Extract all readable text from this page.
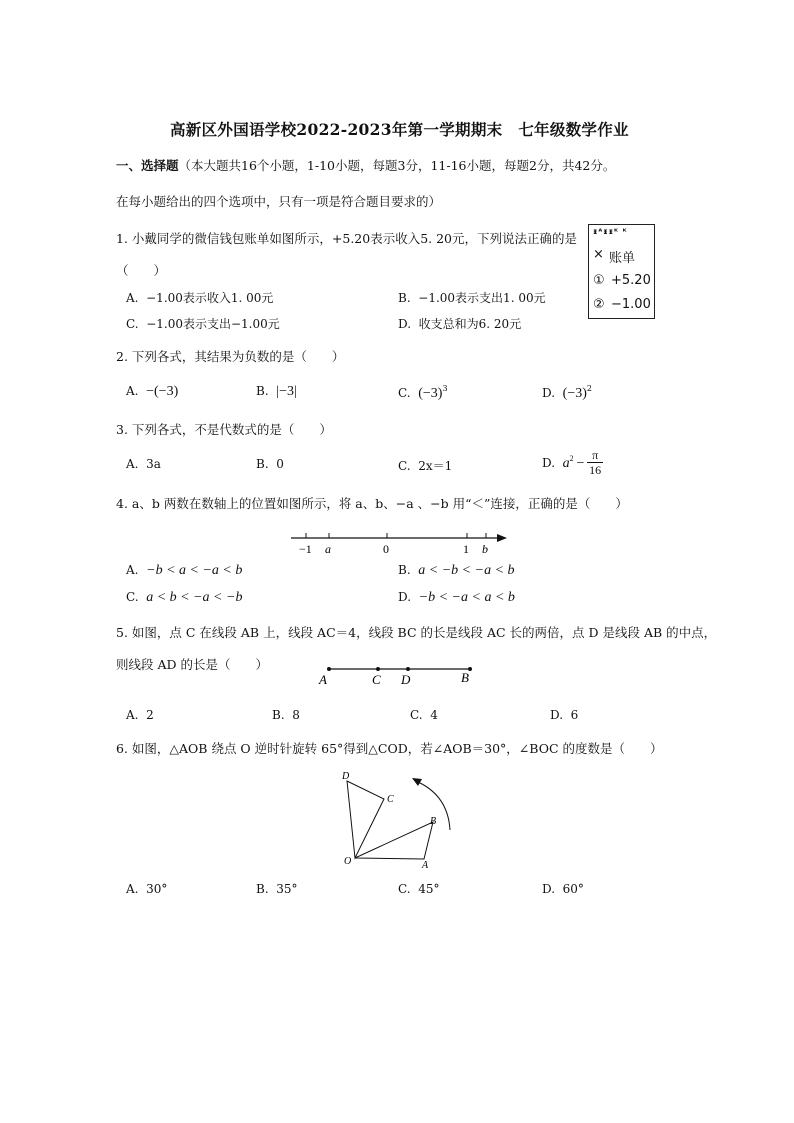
高新区外国语学校2022-2023年第一学期期末　七年级数学作业
一、选择题（本大题共16个小题，1-10小题，每题3分，11-16小题，每题2分，共42分。
在每小题给出的四个选项中，只有一项是符合题目要求的）
1. 小戴同学的微信钱包账单如图所示，+5.20表示收入5. 20元，下列说法正确的是
（　　）
A. −1.00表示收入1. 00元	B. −1.00表示支出1. 00元
C. −1.00表示支出−1.00元	D. 收支总和为6. 20元
ᵻᴬᵻᵻᴷ ᴷ
× 账单
① +5.20
② −1.00
2. 下列各式，其结果为负数的是（　　）
A. −(−3)	B. |−3|	C. $(-3)^3$	D. $(-3)^2$
3. 下列各式，不是代数式的是（　　）
A. 3a	B. 0	C. 2x＝1	D.
$a^2 - \frac{\pi}{16}$
4. a、b 两数在数轴上的位置如图所示，将 a、b、−a 、−b 用“＜”连接，正确的是（　　）
−1 a	0	1 b
A. −b < a < −a < b	B. a < −b < −a < b
C. a < b < −a < −b	D. −b < −a < a < b
5. 如图，点 C 在线段 AB 上，线段 AC＝4，线段 BC 的长是线段 AC 长的两倍，点 D 是线段 AB 的中点，
则线段 AD 的长是（　　）
A	C D	B
A. 2	B. 8	C. 4	D. 6
6. 如图，△AOB 绕点 O 逆时针旋转 65°得到△COD，若∠AOB＝30°，∠BOC 的度数是（　　）
D
C
B
O	A
A. 30°	B. 35°	C. 45°	D. 60°
